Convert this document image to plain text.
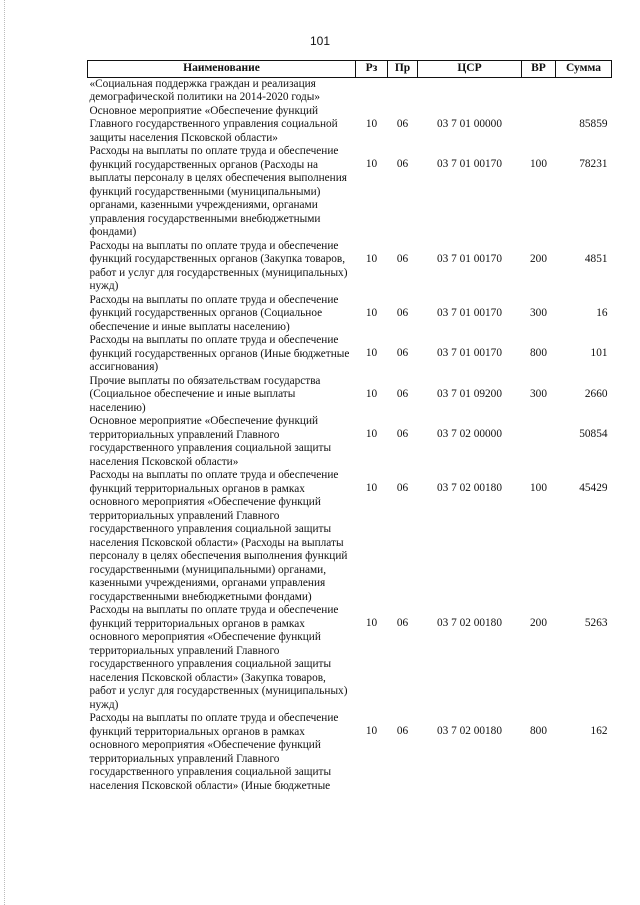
101
Наименование	Рз	Пр	ЦСР	ВР	Сумма
«Социальная поддержка граждан и реализация демографической политики на 2014-2020 годы»					
Основное мероприятие «Обеспечение функций Главного государственного управления социальной защиты населения Псковской области»	10	06	03 7 01 00000		85859
Расходы на выплаты по оплате труда и обеспечение функций государственных органов (Расходы на выплаты персоналу в целях обеспечения выполнения функций государственными (муниципальными) органами, казенными учреждениями, органами управления государственными внебюджетными фондами)	10	06	03 7 01 00170	100	78231
Расходы на выплаты по оплате труда и обеспечение функций государственных органов (Закупка товаров, работ и услуг для государственных (муниципальных) нужд)	10	06	03 7 01 00170	200	4851
Расходы на выплаты по оплате труда и обеспечение функций государственных органов (Социальное обеспечение и иные выплаты населению)	10	06	03 7 01 00170	300	16
Расходы на выплаты по оплате труда и обеспечение функций государственных органов (Иные бюджетные ассигнования)	10	06	03 7 01 00170	800	101
Прочие выплаты по обязательствам государства (Социальное обеспечение и иные выплаты населению)	10	06	03 7 01 09200	300	2660
Основное мероприятие «Обеспечение функций территориальных управлений Главного государственного управления социальной защиты населения Псковской области»	10	06	03 7 02 00000		50854
Расходы на выплаты по оплате труда и обеспечение функций территориальных органов в рамках основного мероприятия «Обеспечение функций территориальных управлений Главного государственного управления социальной защиты населения Псковской области» (Расходы на выплаты персоналу в целях обеспечения выполнения функций государственными (муниципальными) органами, казенными учреждениями, органами управления государственными внебюджетными фондами)	10	06	03 7 02 00180	100	45429
Расходы на выплаты по оплате труда и обеспечение функций территориальных органов в рамках основного мероприятия «Обеспечение функций территориальных управлений Главного государственного управления социальной защиты населения Псковской области» (Закупка товаров, работ и услуг для государственных (муниципальных) нужд)	10	06	03 7 02 00180	200	5263
Расходы на выплаты по оплате труда и обеспечение функций территориальных органов в рамках основного мероприятия «Обеспечение функций территориальных управлений Главного государственного управления социальной защиты населения Псковской области» (Иные бюджетные	10	06	03 7 02 00180	800	162
